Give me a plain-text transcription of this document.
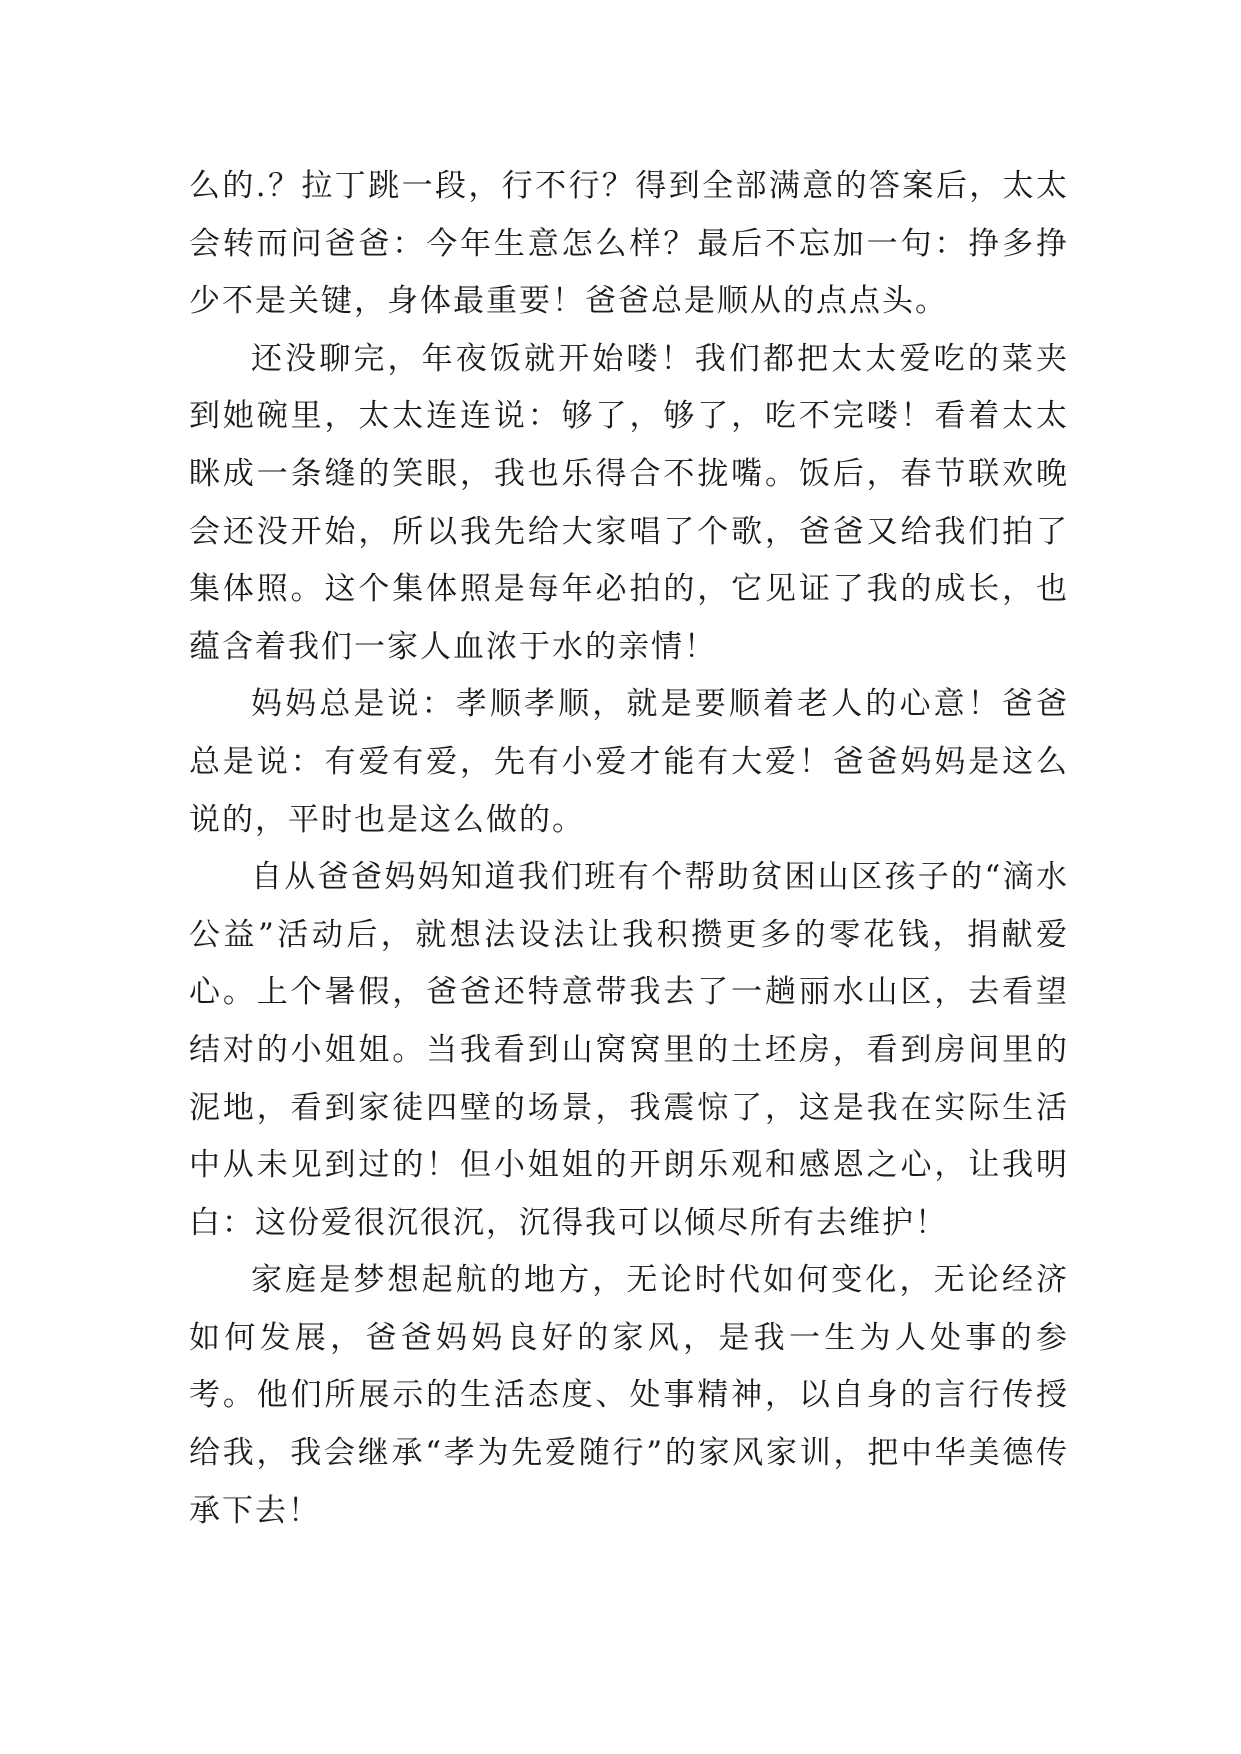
么的.？拉丁跳一段，行不行？得到全部满意的答案后，太太会转而问爸爸：今年生意怎么样？最后不忘加一句：挣多挣少不是关键，身体最重要！爸爸总是顺从的点点头。

还没聊完，年夜饭就开始喽！我们都把太太爱吃的菜夹到她碗里，太太连连说：够了，够了，吃不完喽！看着太太眯成一条缝的笑眼，我也乐得合不拢嘴。饭后，春节联欢晚会还没开始，所以我先给大家唱了个歌，爸爸又给我们拍了集体照。这个集体照是每年必拍的，它见证了我的成长，也蕴含着我们一家人血浓于水的亲情！

妈妈总是说：孝顺孝顺，就是要顺着老人的心意！爸爸总是说：有爱有爱，先有小爱才能有大爱！爸爸妈妈是这么说的，平时也是这么做的。

自从爸爸妈妈知道我们班有个帮助贫困山区孩子的“滴水公益”活动后，就想法设法让我积攒更多的零花钱，捐献爱心。上个暑假，爸爸还特意带我去了一趟丽水山区，去看望结对的小姐姐。当我看到山窝窝里的土坯房，看到房间里的泥地，看到家徒四壁的场景，我震惊了，这是我在实际生活中从未见到过的！但小姐姐的开朗乐观和感恩之心，让我明白：这份爱很沉很沉，沉得我可以倾尽所有去维护！

家庭是梦想起航的地方，无论时代如何变化，无论经济如何发展，爸爸妈妈良好的家风，是我一生为人处事的参考。他们所展示的生活态度、处事精神，以自身的言行传授给我，我会继承“孝为先爱随行”的家风家训，把中华美德传承下去！
